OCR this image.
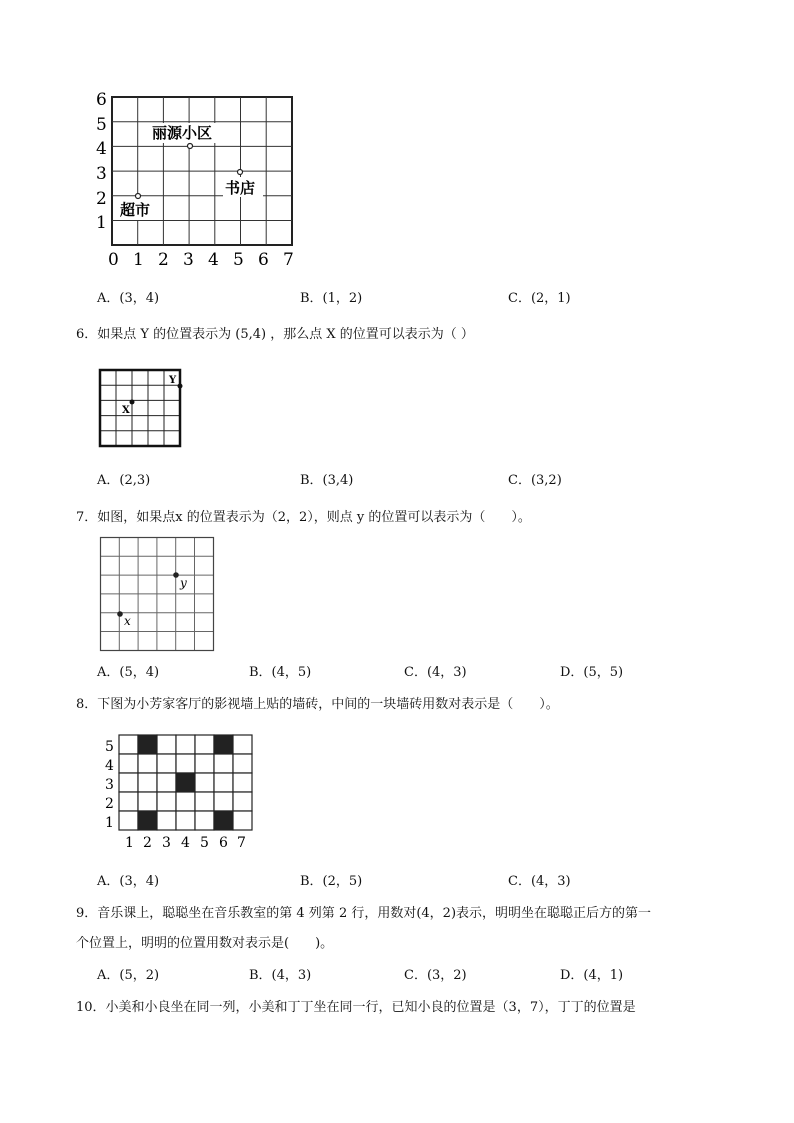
6
5
4
3
2
1
0 1 2 3 4 5 6 7
丽源小区
超市
书店
A．(3，4)	B．(1，2)	C．(2，1)
6．如果点 Y 的位置表示为 (5,4) ，那么点 X 的位置可以表示为（ ）
X
Y
A．(2,3)	B．(3,4)	C．(3,2)
7．如图，如果点x 的位置表示为（2，2），则点 y 的位置可以表示为（　　）。
x
y
A．(5，4)	B．(4，5)	C．(4，3)	D．(5，5)
8．下图为小芳家客厅的影视墙上贴的墙砖，中间的一块墙砖用数对表示是（　　）。
5
4
3
2
1
1 2 3 4 5 6 7
A．(3，4)	B．(2，5)	C．(4，3)
9．音乐课上，聪聪坐在音乐教室的第 4 列第 2 行，用数对(4，2)表示，明明坐在聪聪正后方的第一
个位置上，明明的位置用数对表示是(　　)。
A．(5，2)	B．(4，3)	C．(3，2)	D．(4，1)
10．小美和小良坐在同一列，小美和丁丁坐在同一行，已知小良的位置是（3，7），丁丁的位置是
